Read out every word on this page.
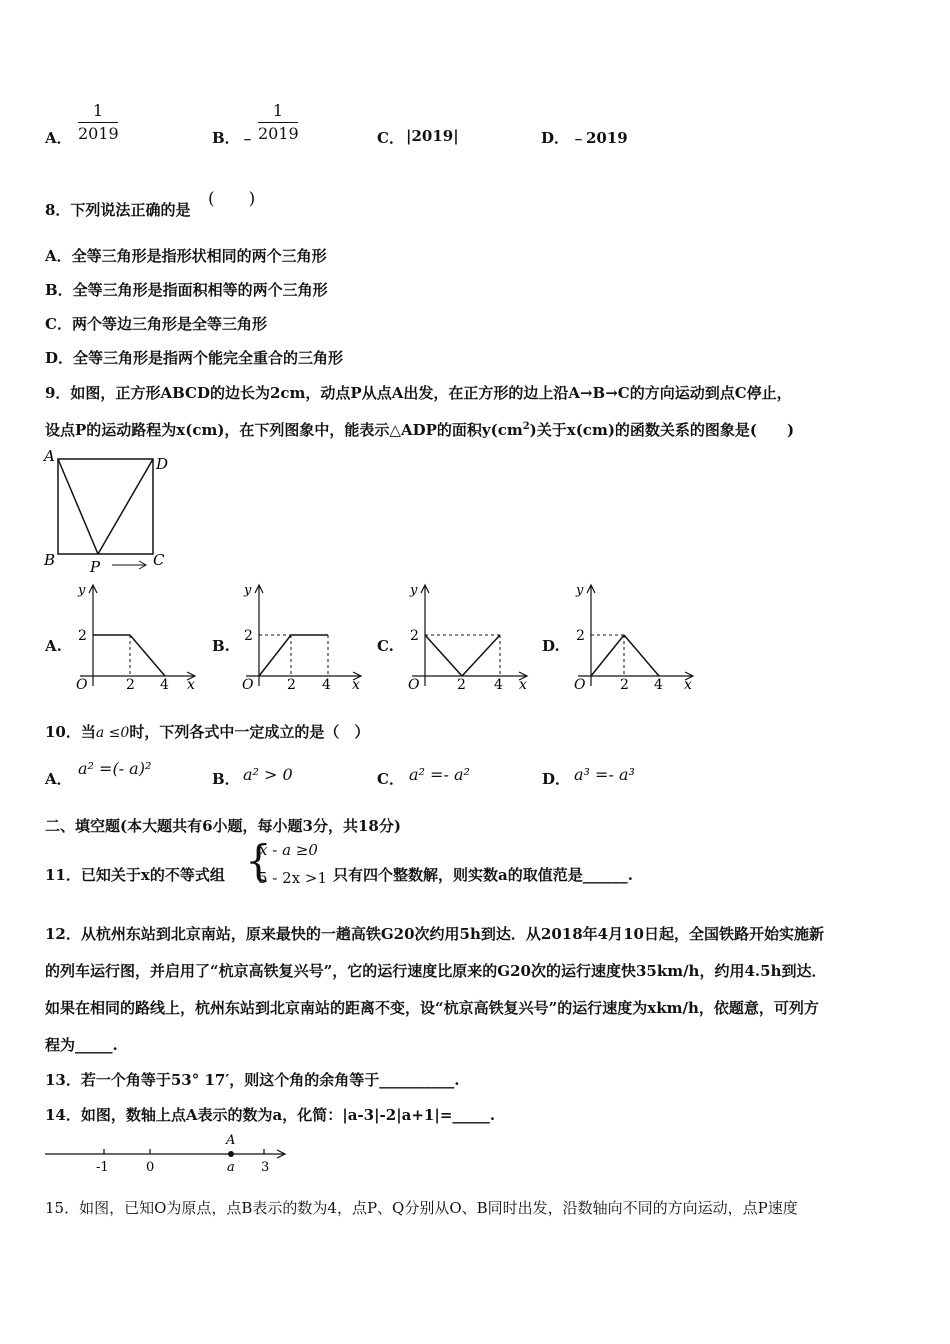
A．
1
2019	B． ﹣
1
2019	C． |2019|	D． ﹣2019
8．下列说法正确的是
(　　)
A．全等三角形是指形状相同的两个三角形
B．全等三角形是指面积相等的两个三角形
C．两个等边三角形是全等三角形
D．全等三角形是指两个能完全重合的三角形
9．如图，正方形ABCD的边长为2cm，动点P从点A出发，在正方形的边上沿A→B→C的方向运动到点C停止，
设点P的运动路程为x(cm)，在下列图象中，能表示△ADP的面积$y(cm^2)$关于x(cm)的函数关系的图象是(　　)
A	D
B	C
P
A.	B.	C.	D.
y
2
O	2 4 x
y
2
O 2 4 x
y
2
O	2 4 x
y
2
O 2 4 x
10．当a ≤0时，下列各式中一定成立的是（　）
A．
a² =(- a)²
B． a² > 0	C． a² =- a²	D． a³ =- a³
二、填空题(本大题共有6小题，每小题3分，共18分)
11．已知关于x的不等式组 {
x - a ≥0
5 - 2x >1 只有四个整数解，则实数a的取值范是______.
12．从杭州东站到北京南站，原来最快的一趟高铁G20次约用5h到达．从2018年4月10日起，全国铁路开始实施新
的列车运行图，并启用了“杭京高铁复兴号”，它的运行速度比原来的G20次的运行速度快35km/h，约用4.5h到达．
如果在相同的路线上，杭州东站到北京南站的距离不变，设“杭京高铁复兴号”的运行速度为xkm/h，依题意，可列方
程为_____.
13．若一个角等于53° 17′，则这个角的余角等于__________.
14．如图，数轴上点A表示的数为a，化简：|a-3|-2|a+1|=_____.
-1	0	a 3
A
15．如图，已知O为原点，点B表示的数为4，点P、Q分别从O、B同时出发，沿数轴向不同的方向运动，点P速度
